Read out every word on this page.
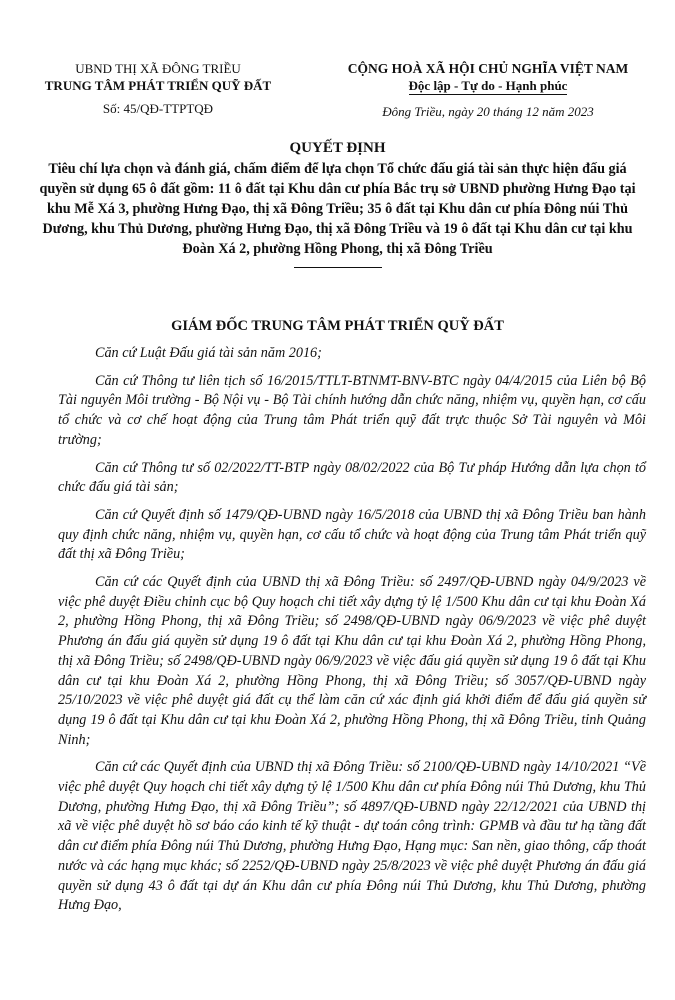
UBND THỊ XÃ ĐÔNG TRIỀU
TRUNG TÂM PHÁT TRIỂN QUỸ ĐẤT
Số: 45/QĐ-TTPTQĐ
CỘNG HOÀ XÃ HỘI CHỦ NGHĨA VIỆT NAM
Độc lập - Tự do - Hạnh phúc
Đông Triều, ngày 20 tháng 12 năm 2023
QUYẾT ĐỊNH
Tiêu chí lựa chọn và đánh giá, chấm điểm để lựa chọn Tổ chức đấu giá tài sản thực hiện đấu giá quyền sử dụng 65 ô đất gồm: 11 ô đất tại Khu dân cư phía Bắc trụ sở UBND phường Hưng Đạo tại khu Mễ Xá 3, phường Hưng Đạo, thị xã Đông Triều; 35 ô đất tại Khu dân cư phía Đông núi Thủ Dương, khu Thủ Dương, phường Hưng Đạo, thị xã Đông Triều và 19 ô đất tại Khu dân cư tại khu Đoàn Xá 2, phường Hồng Phong, thị xã Đông Triều
GIÁM ĐỐC TRUNG TÂM PHÁT TRIỂN QUỸ ĐẤT

Căn cứ Luật Đấu giá tài sản năm 2016;

Căn cứ Thông tư liên tịch số 16/2015/TTLT-BTNMT-BNV-BTC ngày 04/4/2015 của Liên bộ Bộ Tài nguyên Môi trường - Bộ Nội vụ - Bộ Tài chính hướng dẫn chức năng, nhiệm vụ, quyền hạn, cơ cấu tổ chức và cơ chế hoạt động của Trung tâm Phát triển quỹ đất trực thuộc Sở Tài nguyên và Môi trường;

Căn cứ Thông tư số 02/2022/TT-BTP ngày 08/02/2022 của Bộ Tư pháp Hướng dẫn lựa chọn tổ chức đấu giá tài sản;

Căn cứ Quyết định số 1479/QĐ-UBND ngày 16/5/2018 của UBND thị xã Đông Triều ban hành quy định chức năng, nhiệm vụ, quyền hạn, cơ cấu tổ chức và hoạt động của Trung tâm Phát triển quỹ đất thị xã Đông Triều;

Căn cứ các Quyết định của UBND thị xã Đông Triều: số 2497/QĐ-UBND ngày 04/9/2023 về việc phê duyệt Điều chỉnh cục bộ Quy hoạch chi tiết xây dựng tỷ lệ 1/500 Khu dân cư tại khu Đoàn Xá 2, phường Hồng Phong, thị xã Đông Triều; số 2498/QĐ-UBND ngày 06/9/2023 về việc phê duyệt Phương án đấu giá quyền sử dụng 19 ô đất tại Khu dân cư tại khu Đoàn Xá 2, phường Hồng Phong, thị xã Đông Triều; số 2498/QĐ-UBND ngày 06/9/2023 về việc đấu giá quyền sử dụng 19 ô đất tại Khu dân cư tại khu Đoàn Xá 2, phường Hồng Phong, thị xã Đông Triều; số 3057/QĐ-UBND ngày 25/10/2023 về việc phê duyệt giá đất cụ thể làm căn cứ xác định giá khởi điểm để đấu giá quyền sử dụng 19 ô đất tại Khu dân cư tại khu Đoàn Xá 2, phường Hồng Phong, thị xã Đông Triều, tỉnh Quảng Ninh;

Căn cứ các Quyết định của UBND thị xã Đông Triều: số 2100/QĐ-UBND ngày 14/10/2021 “Về việc phê duyệt Quy hoạch chi tiết xây dựng tỷ lệ 1/500 Khu dân cư phía Đông núi Thủ Dương, khu Thủ Dương, phường Hưng Đạo, thị xã Đông Triều”; số 4897/QĐ-UBND ngày 22/12/2021 của UBND thị xã về việc phê duyệt hồ sơ báo cáo kinh tế kỹ thuật - dự toán công trình: GPMB và đầu tư hạ tầng đất dân cư điểm phía Đông núi Thủ Dương, phường Hưng Đạo, Hạng mục: San nền, giao thông, cấp thoát nước và các hạng mục khác; số 2252/QĐ-UBND ngày 25/8/2023 về việc phê duyệt Phương án đấu giá quyền sử dụng 43 ô đất tại dự án Khu dân cư phía Đông núi Thủ Dương, khu Thủ Dương, phường Hưng Đạo,
